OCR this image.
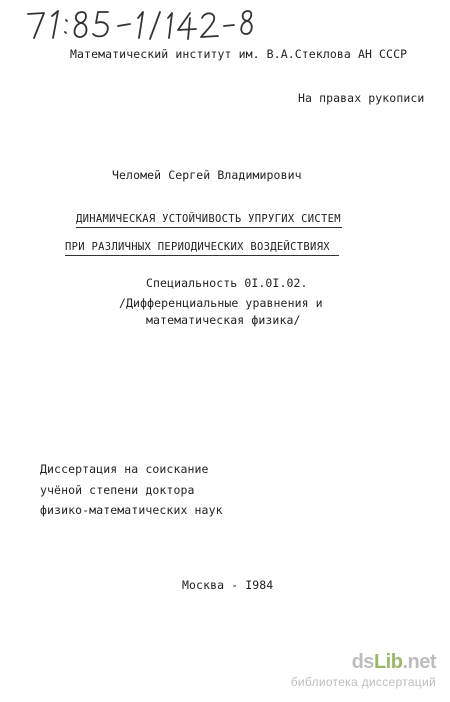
Математический институт им. В.А.Стеклова АН СССР
На правах рукописи
Челомей Сергей Владимирович
ДИНАМИЧЕСКАЯ УСТОЙЧИВОСТЬ УПРУГИХ СИСТЕМ
ПРИ РАЗЛИЧНЫХ ПЕРИОДИЧЕСКИХ ВОЗДЕЙСТВИЯХ
Специальность 0I.0I.02.
/Дифференциальные уравнения и
математическая физика/
Диссертация на соискание
учёной степени доктора
физико-математических наук
Москва - I984
dsLib.net
библиотека диссертаций
